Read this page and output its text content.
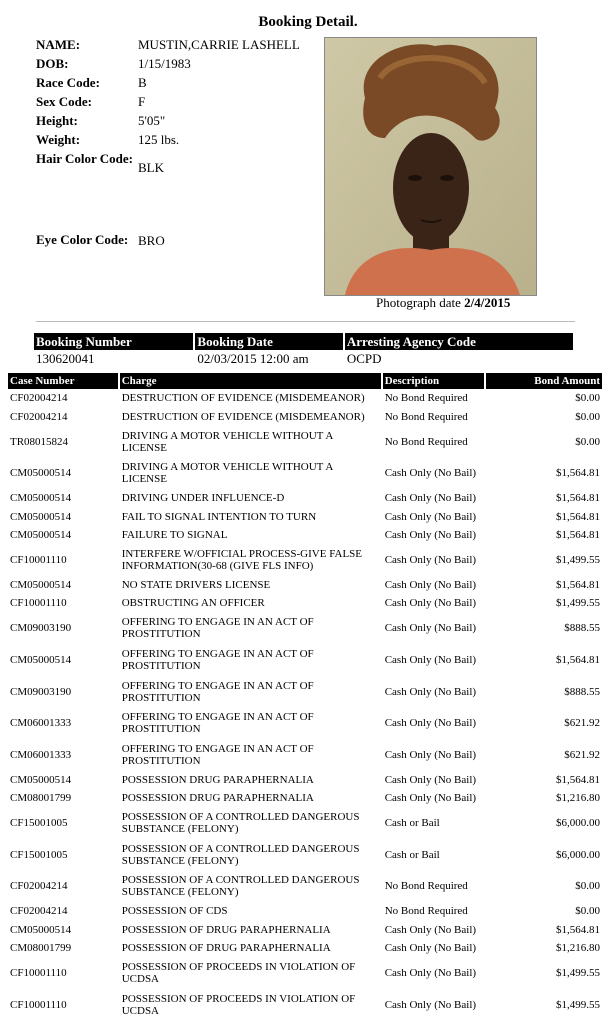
Booking Detail.
NAME:	MUSTIN,CARRIE LASHELL
DOB:	1/15/1983
Race Code:	B
Sex Code:	F
Height:	5'05"
Weight:	125 lbs.
Hair Color Code:
BLK
Eye Color Code: BRO
Photograph date 2/4/2015
Booking Number	Booking Date	Arresting Agency Code
130620041	02/03/2015 12:00 am	OCPD
Case Number	Charge	Description	Bond Amount
CF02004214	DESTRUCTION OF EVIDENCE (MISDEMEANOR)	No Bond Required	$0.00
CF02004214	DESTRUCTION OF EVIDENCE (MISDEMEANOR)	No Bond Required	$0.00
TR08015824	DRIVING A MOTOR VEHICLE WITHOUT A LICENSE	No Bond Required	$0.00
CM05000514	DRIVING A MOTOR VEHICLE WITHOUT A LICENSE	Cash Only (No Bail)	$1,564.81
CM05000514	DRIVING UNDER INFLUENCE-D	Cash Only (No Bail)	$1,564.81
CM05000514	FAIL TO SIGNAL INTENTION TO TURN	Cash Only (No Bail)	$1,564.81
CM05000514	FAILURE TO SIGNAL	Cash Only (No Bail)	$1,564.81
CF10001110	INTERFERE W/OFFICIAL PROCESS-GIVE FALSE INFORMATION(30-68 (GIVE FLS INFO)	Cash Only (No Bail)	$1,499.55
CM05000514	NO STATE DRIVERS LICENSE	Cash Only (No Bail)	$1,564.81
CF10001110	OBSTRUCTING AN OFFICER	Cash Only (No Bail)	$1,499.55
CM09003190	OFFERING TO ENGAGE IN AN ACT OF PROSTITUTION	Cash Only (No Bail)	$888.55
CM05000514	OFFERING TO ENGAGE IN AN ACT OF PROSTITUTION	Cash Only (No Bail)	$1,564.81
CM09003190	OFFERING TO ENGAGE IN AN ACT OF PROSTITUTION	Cash Only (No Bail)	$888.55
CM06001333	OFFERING TO ENGAGE IN AN ACT OF PROSTITUTION	Cash Only (No Bail)	$621.92
CM06001333	OFFERING TO ENGAGE IN AN ACT OF PROSTITUTION	Cash Only (No Bail)	$621.92
CM05000514	POSSESSION DRUG PARAPHERNALIA	Cash Only (No Bail)	$1,564.81
CM08001799	POSSESSION DRUG PARAPHERNALIA	Cash Only (No Bail)	$1,216.80
CF15001005	POSSESSION OF A CONTROLLED DANGEROUS SUBSTANCE (FELONY)	Cash or Bail	$6,000.00
CF15001005	POSSESSION OF A CONTROLLED DANGEROUS SUBSTANCE (FELONY)	Cash or Bail	$6,000.00
CF02004214	POSSESSION OF A CONTROLLED DANGEROUS SUBSTANCE (FELONY)	No Bond Required	$0.00
CF02004214	POSSESSION OF CDS	No Bond Required	$0.00
CM05000514	POSSESSION OF DRUG PARAPHERNALIA	Cash Only (No Bail)	$1,564.81
CM08001799	POSSESSION OF DRUG PARAPHERNALIA	Cash Only (No Bail)	$1,216.80
CF10001110	POSSESSION OF PROCEEDS IN VIOLATION OF UCDSA	Cash Only (No Bail)	$1,499.55
CF10001110	POSSESSION OF PROCEEDS IN VIOLATION OF UCDSA	Cash Only (No Bail)	$1,499.55
